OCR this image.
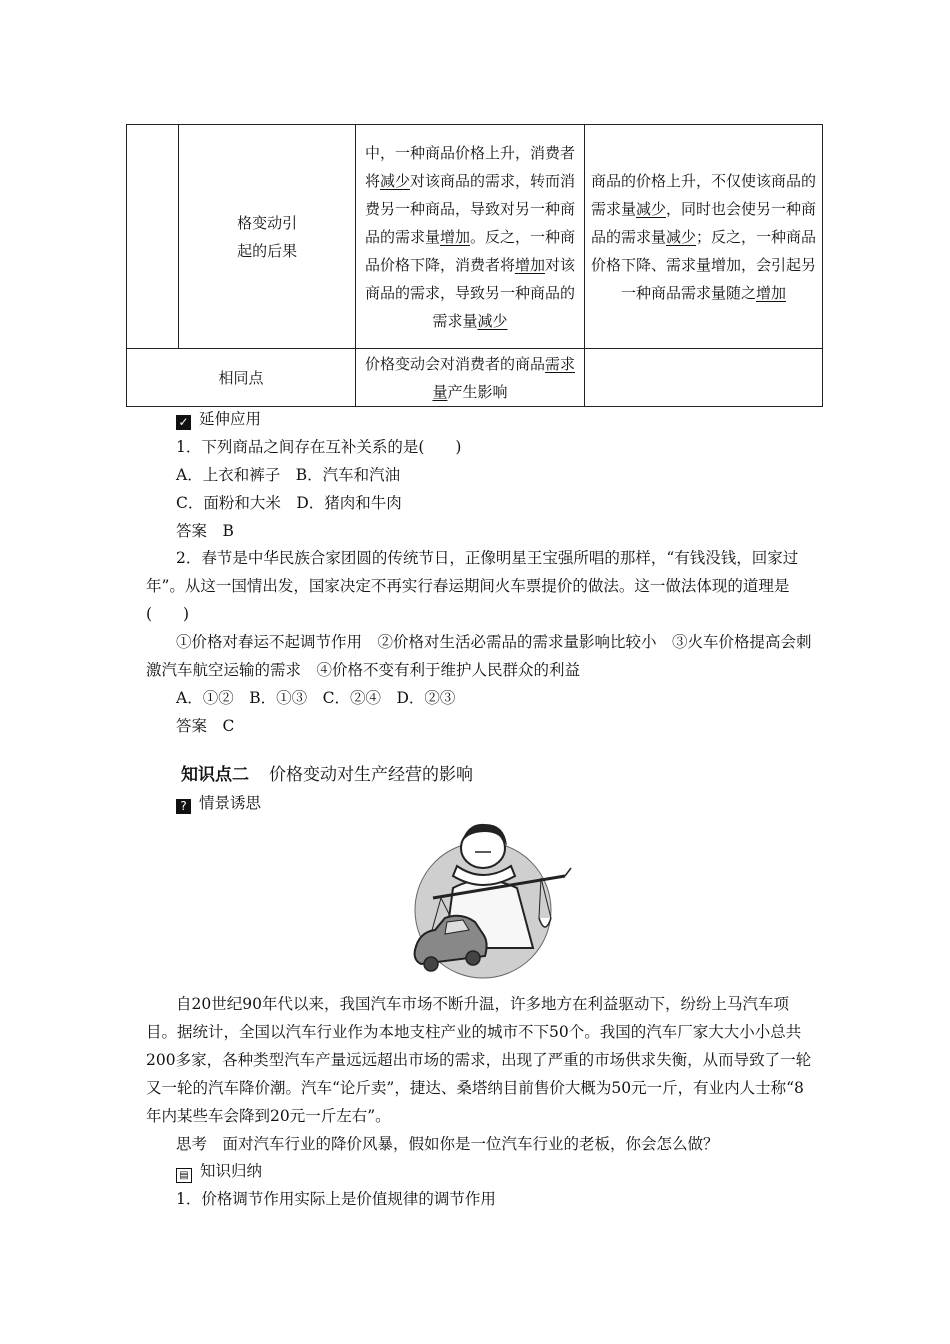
	格变动引起的后果	中，一种商品价格上升，消费者将减少对该商品的需求，转而消费另一种商品，导致对另一种商品的需求量增加。反之，一种商品价格下降，消费者将增加对该商品的需求，导致另一种商品的需求量减少	商品的价格上升，不仅使该商品的需求量减少，同时也会使另一种商品的需求量减少；反之，一种商品价格下降、需求量增加，会引起另一种商品需求量随之增加
相同点		价格变动会对消费者的商品需求量产生影响	
✓ 延伸应用
1．下列商品之间存在互补关系的是(　　)
A．上衣和裤子　B．汽车和汽油
C．面粉和大米　D．猪肉和牛肉
答案　B
2．春节是中华民族合家团圆的传统节日，正像明星王宝强所唱的那样，“有钱没钱，回家过年”。从这一国情出发，国家决定不再实行春运期间火车票提价的做法。这一做法体现的道理是(　　)
①价格对春运不起调节作用　②价格对生活必需品的需求量影响比较小　③火车价格提高会刺激汽车航空运输的需求　④价格不变有利于维护人民群众的利益
A．①②　B．①③　C．②④　D．②③
答案　C
知识点二 价格变动对生产经营的影响
? 情景诱思
自20世纪90年代以来，我国汽车市场不断升温，许多地方在利益驱动下，纷纷上马汽车项目。据统计，全国以汽车行业作为本地支柱产业的城市不下50个。我国的汽车厂家大大小小总共200多家，各种类型汽车产量远远超出市场的需求，出现了严重的市场供求失衡，从而导致了一轮又一轮的汽车降价潮。汽车“论斤卖”，捷达、桑塔纳目前售价大概为50元一斤，有业内人士称“8年内某些车会降到20元一斤左右”。
思考　面对汽车行业的降价风暴，假如你是一位汽车行业的老板，你会怎么做？
▤ 知识归纳
1．价格调节作用实际上是价值规律的调节作用
